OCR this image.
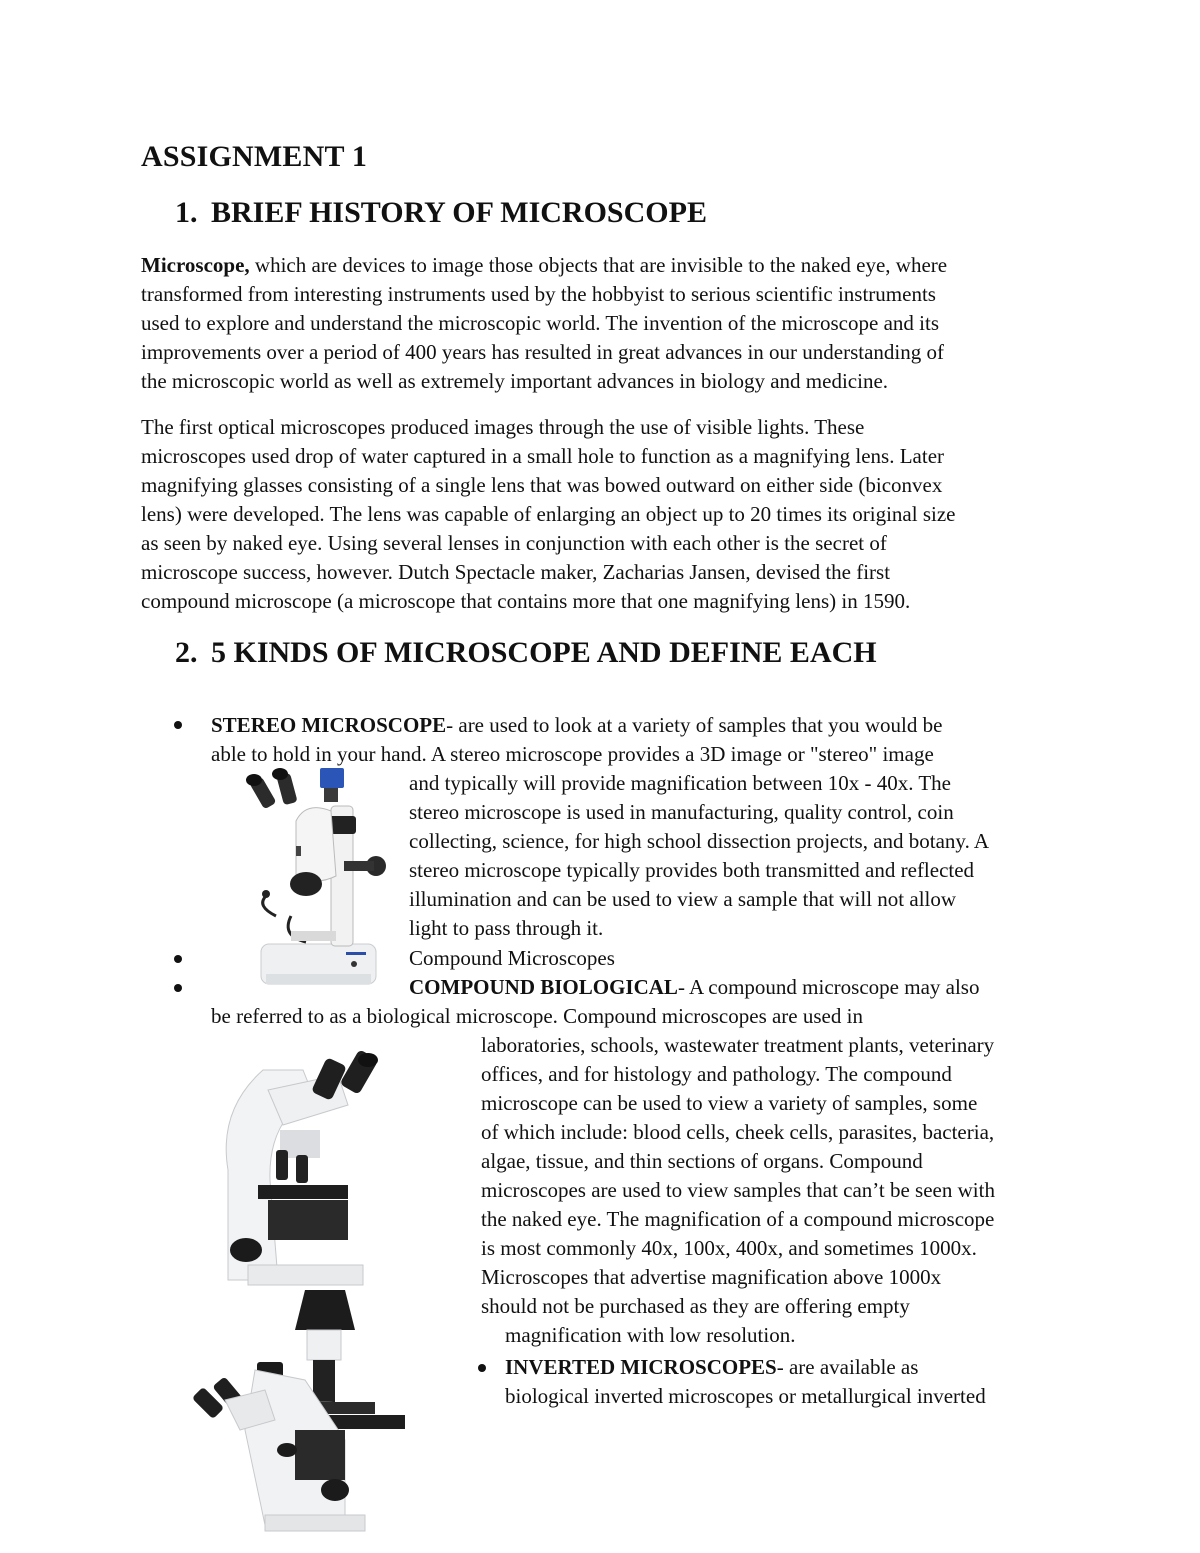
ASSIGNMENT 1
1. BRIEF HISTORY OF MICROSCOPE
Microscope, which are devices to image those objects that are invisible to the naked eye, where
transformed from interesting instruments used by the hobbyist to serious scientific instruments
used to explore and understand the microscopic world. The invention of the microscope and its
improvements over a period of 400 years has resulted in great advances in our understanding of
the microscopic world as well as extremely important advances in biology and medicine.
The first optical microscopes produced images through the use of visible lights. These
microscopes used drop of water captured in a small hole to function as a magnifying lens. Later
magnifying glasses consisting of a single lens that was bowed outward on either side (biconvex
lens) were developed. The lens was capable of enlarging an object up to 20 times its original size
as seen by naked eye. Using several lenses in conjunction with each other is the secret of
microscope success, however. Dutch Spectacle maker, Zacharias Jansen, devised the first
compound microscope (a microscope that contains more that one magnifying lens) in 1590.
2. 5 KINDS OF MICROSCOPE AND DEFINE EACH
STEREO MICROSCOPE- are used to look at a variety of samples that you would be
able to hold in your hand. A stereo microscope provides a 3D image or "stereo" image
and typically will provide magnification between 10x - 40x. The
stereo microscope is used in manufacturing, quality control, coin
collecting, science, for high school dissection projects, and botany. A
stereo microscope typically provides both transmitted and reflected
illumination and can be used to view a sample that will not allow
light to pass through it.
Compound Microscopes
COMPOUND BIOLOGICAL- A compound microscope may also
be referred to as a biological microscope. Compound microscopes are used in
laboratories, schools, wastewater treatment plants, veterinary
offices, and for histology and pathology. The compound
microscope can be used to view a variety of samples, some
of which include: blood cells, cheek cells, parasites, bacteria,
algae, tissue, and thin sections of organs. Compound
microscopes are used to view samples that can’t be seen with
the naked eye. The magnification of a compound microscope
is most commonly 40x, 100x, 400x, and sometimes 1000x.
Microscopes that advertise magnification above 1000x
should not be purchased as they are offering empty
magnification with low resolution.
INVERTED MICROSCOPES- are available as
biological inverted microscopes or metallurgical inverted
